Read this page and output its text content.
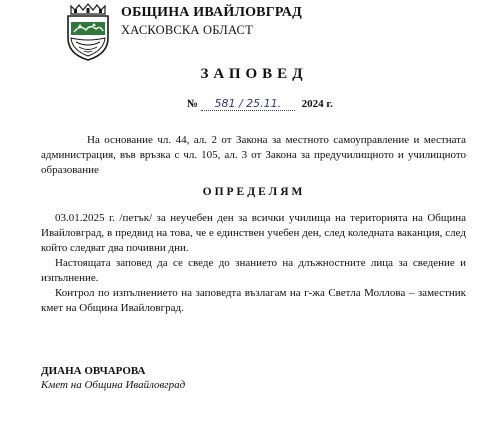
ОБЩИНА ИВАЙЛОВГРАД
ХАСКОВСКА ОБЛАСТ
ЗАПОВЕД
№ 581 / 25.11. 2024 г.
На основание чл. 44, ал. 2 от Закона за местното самоуправление и местната администрация, във връзка с чл. 105, ал. 3 от Закона за предучилищното и училищното образование
ОПРЕДЕЛЯМ
03.01.2025 г. /петък/ за неучебен ден за всички училища на територията на Община Ивайловград, в предвид на това, че е единствен учебен ден, след коледната ваканция, след който следват два почивни дни.
Настоящата заповед да се сведе до знанието на длъжностните лица за сведение и изпълнение.
Контрол по изпълнението на заповедта възлагам на г-жа Светла Моллова – заместник кмет на Община Ивайловград.
ДИАНА ОВЧАРОВА
Кмет на Община Ивайловград
